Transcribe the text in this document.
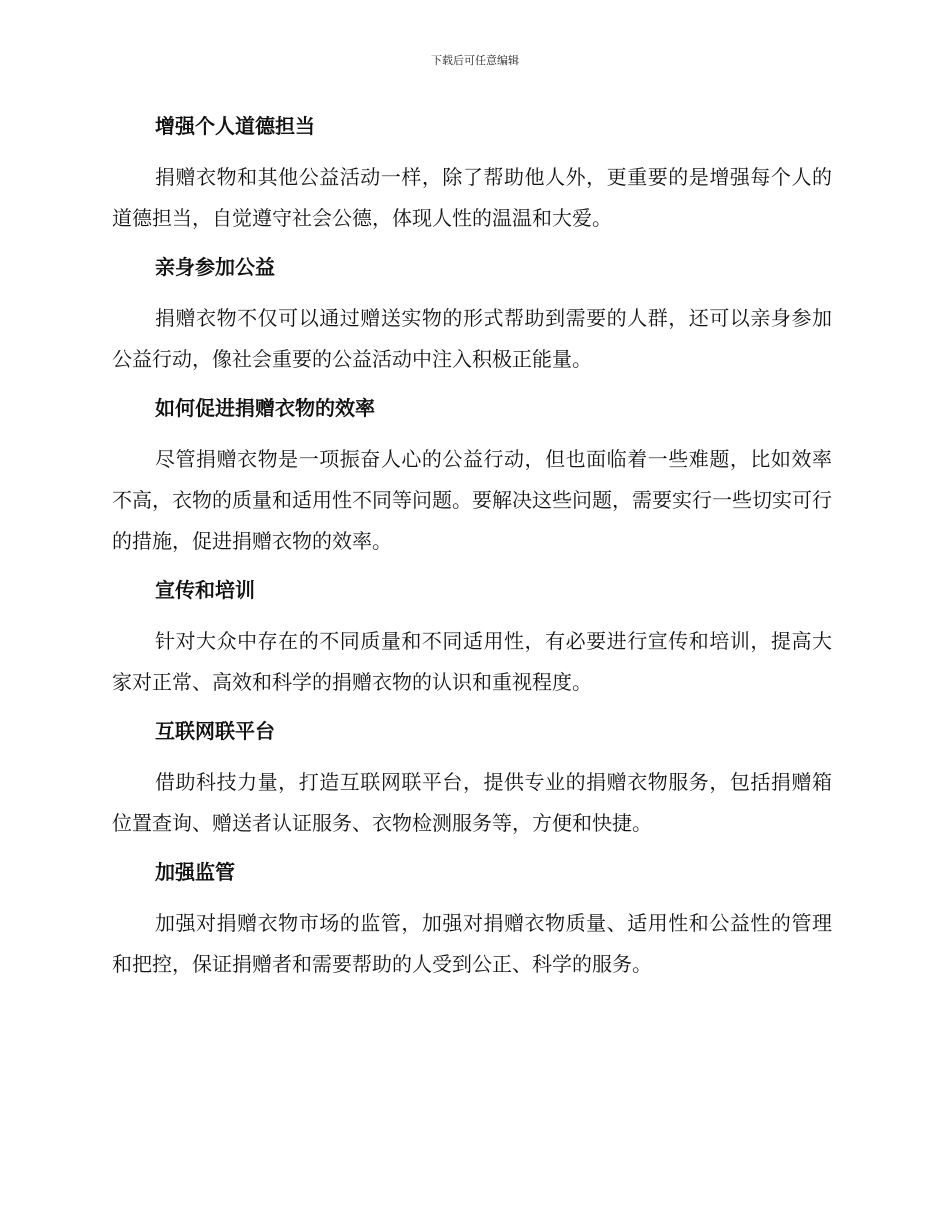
下载后可任意编辑
增强个人道德担当

捐赠衣物和其他公益活动一样，除了帮助他人外，更重要的是增强每个人的道德担当，自觉遵守社会公德，体现人性的温温和大爱。

亲身参加公益

捐赠衣物不仅可以通过赠送实物的形式帮助到需要的人群，还可以亲身参加公益行动，像社会重要的公益活动中注入积极正能量。

如何促进捐赠衣物的效率

尽管捐赠衣物是一项振奋人心的公益行动，但也面临着一些难题，比如效率不高，衣物的质量和适用性不同等问题。要解决这些问题，需要实行一些切实可行的措施，促进捐赠衣物的效率。

宣传和培训

针对大众中存在的不同质量和不同适用性，有必要进行宣传和培训，提高大家对正常、高效和科学的捐赠衣物的认识和重视程度。

互联网联平台

借助科技力量，打造互联网联平台，提供专业的捐赠衣物服务，包括捐赠箱位置查询、赠送者认证服务、衣物检测服务等，方便和快捷。

加强监管

加强对捐赠衣物市场的监管，加强对捐赠衣物质量、适用性和公益性的管理和把控，保证捐赠者和需要帮助的人受到公正、科学的服务。
